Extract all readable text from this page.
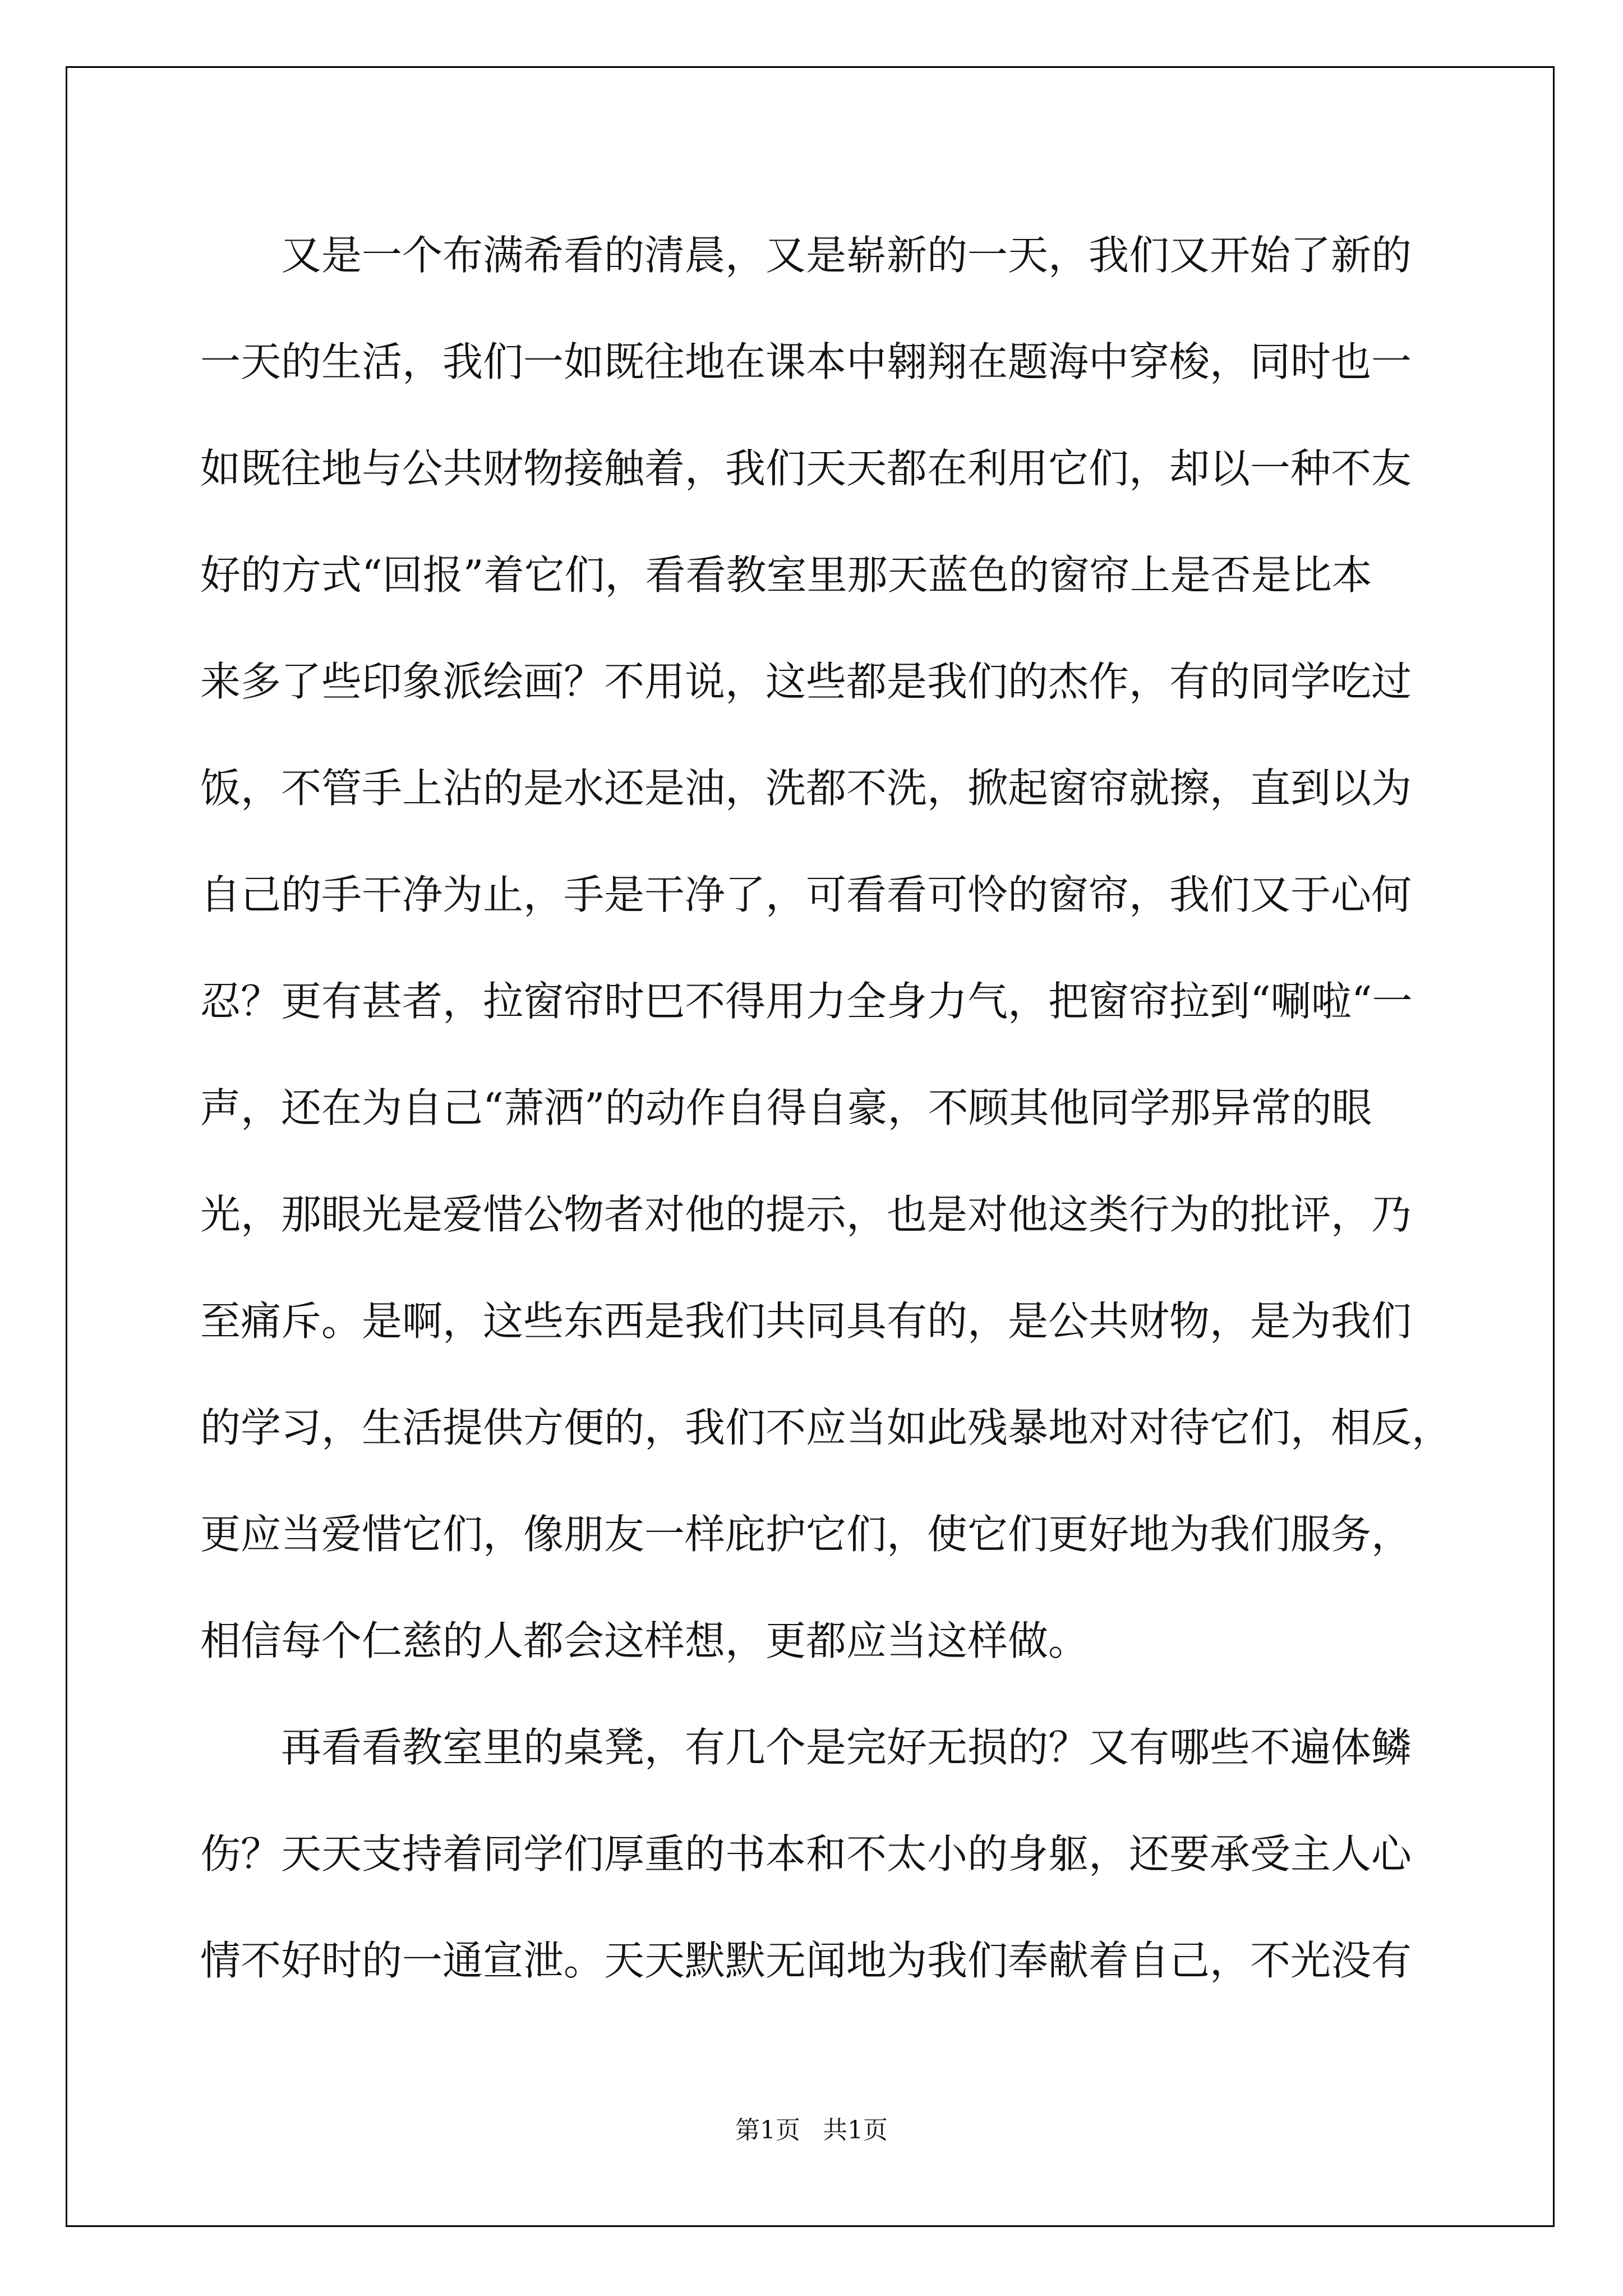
又是一个布满希看的清晨，又是崭新的一天，我们又开始了新的
一天的生活，我们一如既往地在课本中翱翔在题海中穿梭，同时也一
如既往地与公共财物接触着，我们天天都在利用它们，却以一种不友
好的方式“回报”着它们，看看教室里那天蓝色的窗帘上是否是比本
来多了些印象派绘画？不用说，这些都是我们的杰作，有的同学吃过
饭，不管手上沾的是水还是油，洗都不洗，掀起窗帘就擦，直到以为
自己的手干净为止，手是干净了，可看看可怜的窗帘，我们又于心何
忍？更有甚者，拉窗帘时巴不得用力全身力气，把窗帘拉到“唰啦“一
声，还在为自己“萧洒”的动作自得自豪，不顾其他同学那异常的眼
光，那眼光是爱惜公物者对他的提示，也是对他这类行为的批评，乃
至痛斥。是啊，这些东西是我们共同具有的，是公共财物，是为我们
的学习，生活提供方便的，我们不应当如此残暴地对对待它们，相反，
更应当爱惜它们，像朋友一样庇护它们，使它们更好地为我们服务，
相信每个仁慈的人都会这样想，更都应当这样做。
再看看教室里的桌凳，有几个是完好无损的？又有哪些不遍体鳞
伤？天天支持着同学们厚重的书本和不太小的身躯，还要承受主人心
情不好时的一通宣泄。天天默默无闻地为我们奉献着自己，不光没有
第1页 共1页
